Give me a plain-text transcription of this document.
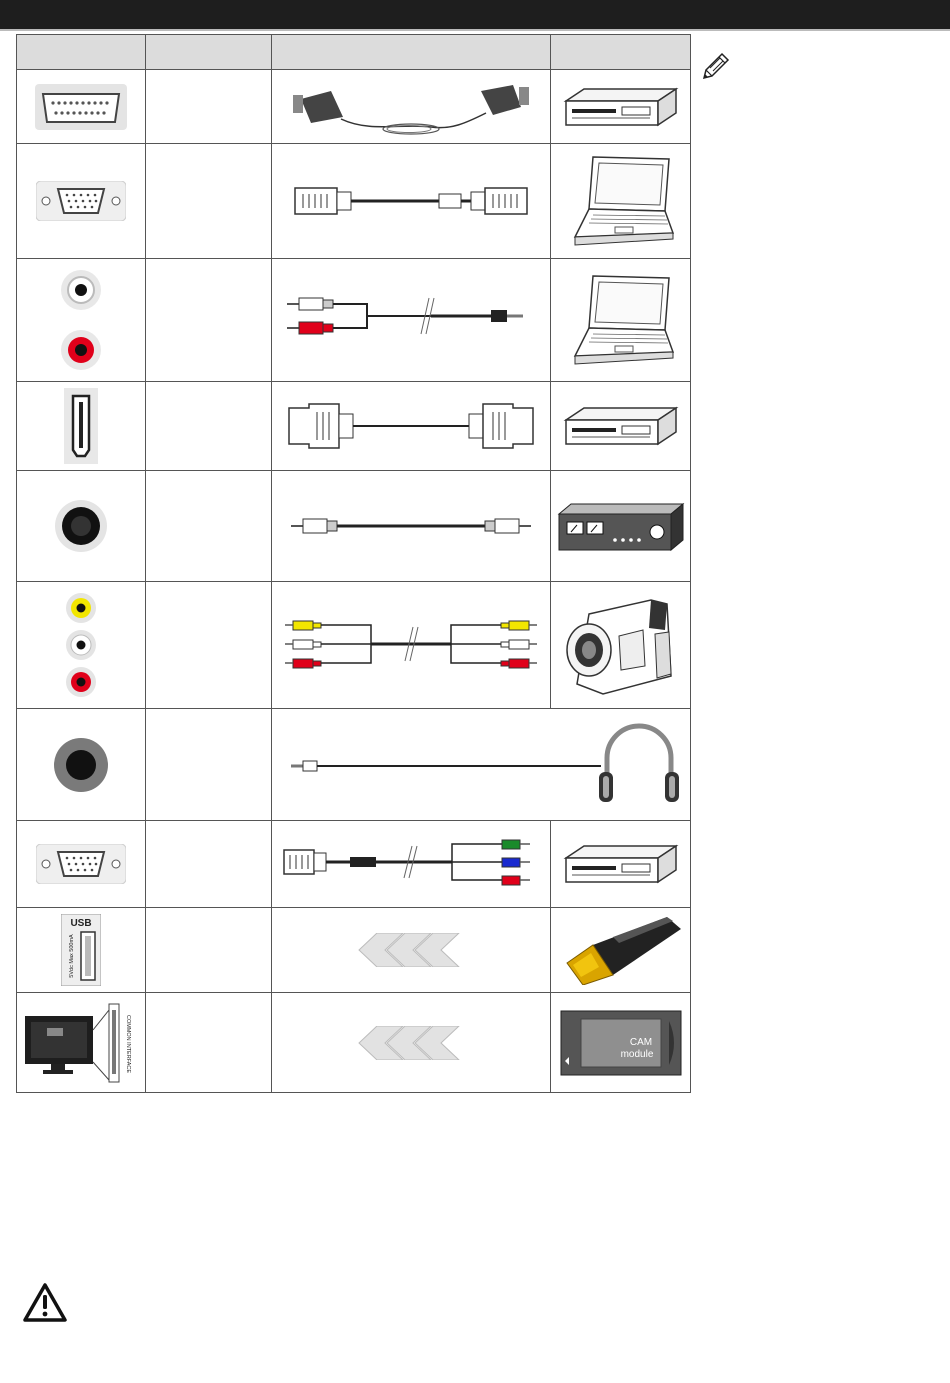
USB
5Vdc Max 500mA

COMMON INTERFACE			CAM
module
